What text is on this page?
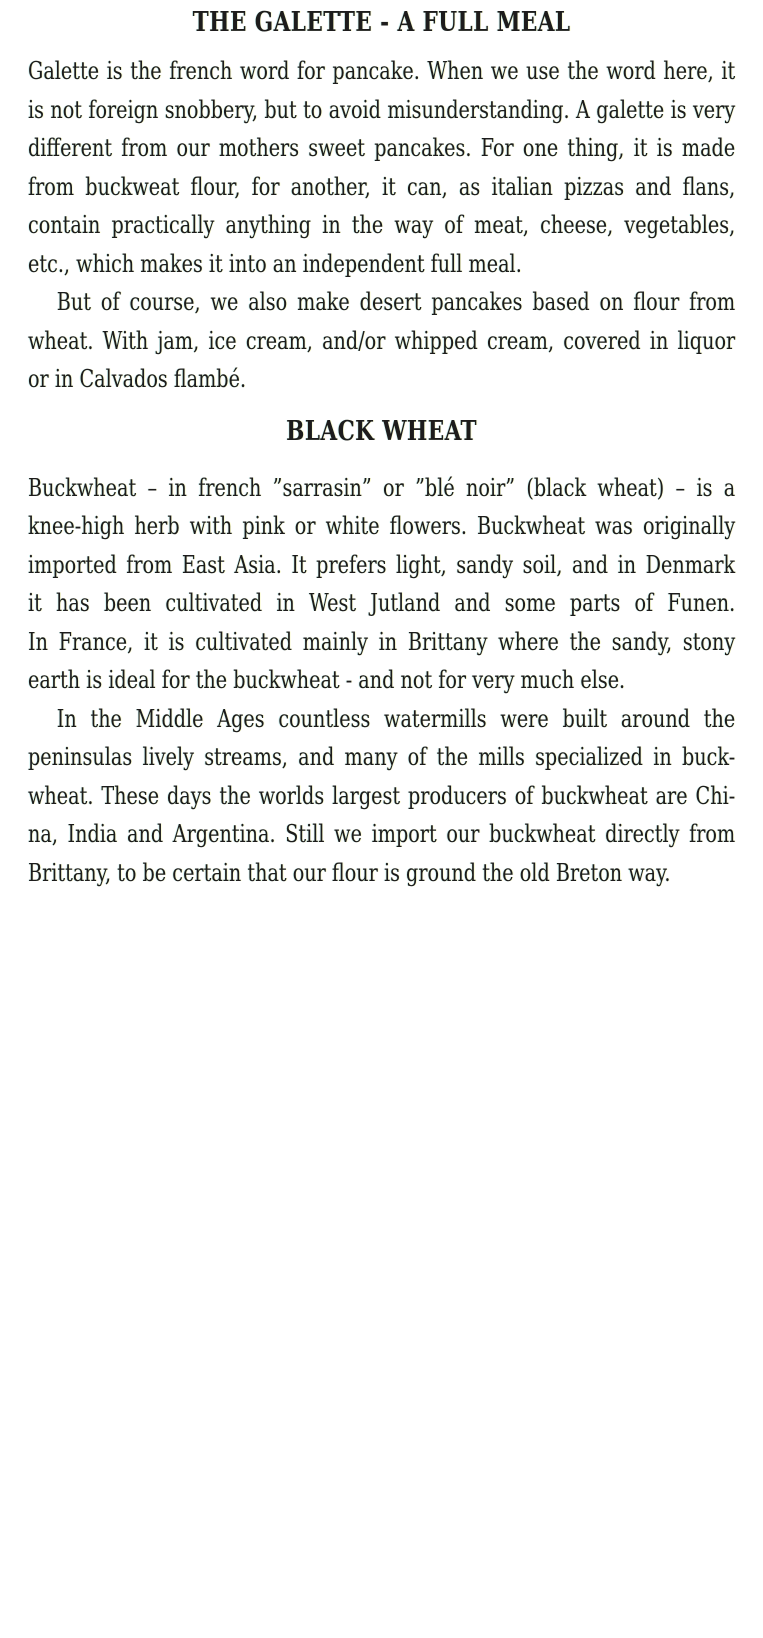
THE GALETTE - A FULL MEAL
Galette is the french word for pancake. When we use the word here, it
is not foreign snobbery, but to avoid misunderstanding. A galette is very
different from our mothers sweet pancakes. For one thing, it is made
from buckweat flour, for another, it can, as italian pizzas and flans,
contain practically anything in the way of meat, cheese, vegetables,
etc., which makes it into an independent full meal.
But of course, we also make desert pancakes based on flour from
wheat. With jam, ice cream, and/or whipped cream, covered in liquor
or in Calvados flambé.
BLACK WHEAT
Buckwheat – in french ”sarrasin” or ”blé noir” (black wheat) – is a
knee-high herb with pink or white flowers. Buckwheat was originally
imported from East Asia. It prefers light, sandy soil, and in Denmark
it has been cultivated in West Jutland and some parts of Funen.
In France, it is cultivated mainly in Brittany where the sandy, stony
earth is ideal for the buckwheat - and not for very much else.
In the Middle Ages countless watermills were built around the
peninsulas lively streams, and many of the mills specialized in buck-
wheat. These days the worlds largest producers of buckwheat are Chi-
na, India and Argentina. Still we import our buckwheat directly from
Brittany, to be certain that our flour is ground the old Breton way.
